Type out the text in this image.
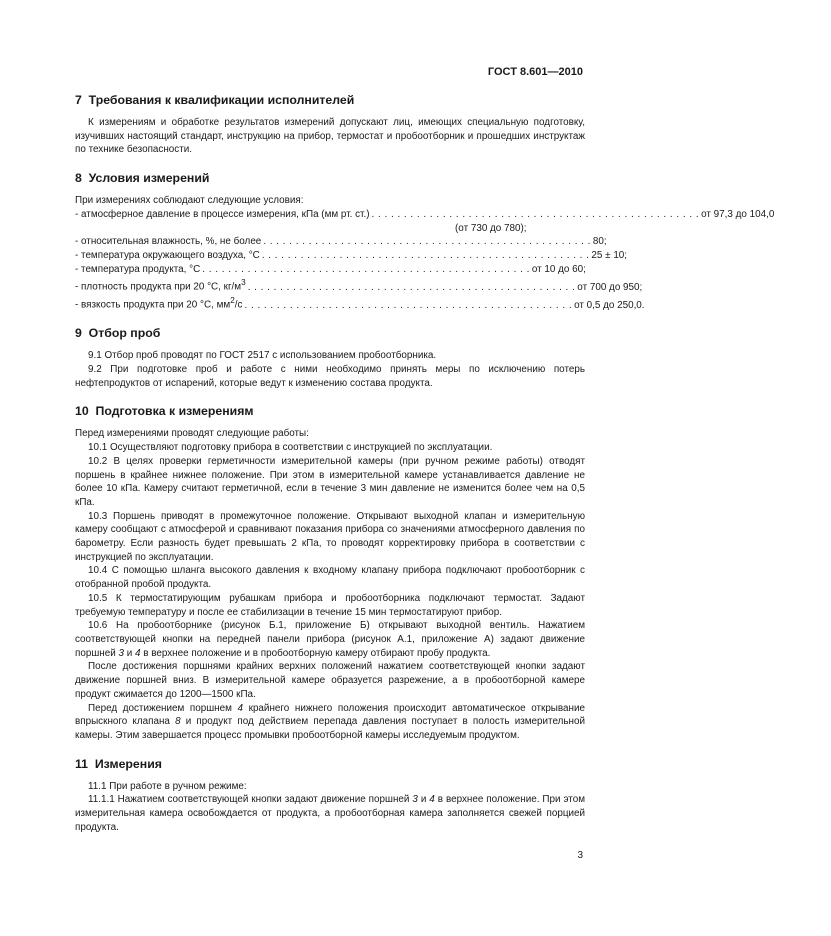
ГОСТ 8.601—2010
7  Требования к квалификации исполнителей

К измерениям и обработке результатов измерений допускают лиц, имеющих специальную подготовку, изучивших настоящий стандарт, инструкцию на прибор, термостат и пробоотборник и прошедших инструктаж по технике безопасности.

8  Условия измерений

При измерениях соблюдают следующие условия:

- атмосферное давление в процессе измерения, кПа (мм рт. ст.) . . . . . . . . . . . . . . . . . . . . . . . . . . . . . . . . . . . . . . . . . . . . . . . . . . . от 97,3 до 104,0
(от 730 до 780);
- относительная влажность, %, не более . . . . . . . . . . . . . . . . . . . . . . . . . . . . . . . . . . . . . . . . . . . . . . . . . . . 80;
- температура окружающего воздуха, °С . . . . . . . . . . . . . . . . . . . . . . . . . . . . . . . . . . . . . . . . . . . . . . . . . . . 25 ± 10;
- температура продукта, °С . . . . . . . . . . . . . . . . . . . . . . . . . . . . . . . . . . . . . . . . . . . . . . . . . . . от 10 до 60;
- плотность продукта при 20 °С, $кг/м^3$ . . . . . . . . . . . . . . . . . . . . . . . . . . . . . . . . . . . . . . . . . . . . . . . . . . . от 700 до 950;
- вязкость продукта при 20 °С, $мм^2/с$ . . . . . . . . . . . . . . . . . . . . . . . . . . . . . . . . . . . . . . . . . . . . . . . . . . . от 0,5 до 250,0.
9  Отбор проб

9.1 Отбор проб проводят по ГОСТ 2517 с использованием пробоотборника.

9.2 При подготовке проб и работе с ними необходимо принять меры по исключению потерь нефтепродуктов от испарений, которые ведут к изменению состава продукта.

10  Подготовка к измерениям

Перед измерениями проводят следующие работы:

10.1 Осуществляют подготовку прибора в соответствии с инструкцией по эксплуатации.

10.2 В целях проверки герметичности измерительной камеры (при ручном режиме работы) отводят поршень в крайнее нижнее положение. При этом в измерительной камере устанавливается давление не более 10 кПа. Камеру считают герметичной, если в течение 3 мин давление не изменится более чем на 0,5 кПа.

10.3 Поршень приводят в промежуточное положение. Открывают выходной клапан и измерительную камеру сообщают с атмосферой и сравнивают показания прибора со значениями атмосферного давления по барометру. Если разность будет превышать 2 кПа, то проводят корректировку прибора в соответствии с инструкцией по эксплуатации.

10.4 С помощью шланга высокого давления к входному клапану прибора подключают пробоотборник с отобранной пробой продукта.

10.5 К термостатирующим рубашкам прибора и пробоотборника подключают термостат. Задают требуемую температуру и после ее стабилизации в течение 15 мин термостатируют прибор.

10.6 На пробоотборнике (рисунок Б.1, приложение Б) открывают выходной вентиль. Нажатием соответствующей кнопки на передней панели прибора (рисунок А.1, приложение А) задают движение поршней 3 и 4 в верхнее положение и в пробоотборную камеру отбирают пробу продукта.

После достижения поршнями крайних верхних положений нажатием соответствующей кнопки задают движение поршней вниз. В измерительной камере образуется разрежение, а в пробоотборной камере продукт сжимается до 1200—1500 кПа.

Перед достижением поршнем 4 крайнего нижнего положения происходит автоматическое открывание впрыскного клапана 8 и продукт под действием перепада давления поступает в полость измерительной камеры. Этим завершается процесс промывки пробоотборной камеры исследуемым продуктом.

11  Измерения

11.1 При работе в ручном режиме:

11.1.1 Нажатием соответствующей кнопки задают движение поршней 3 и 4 в верхнее положение. При этом измерительная камера освобождается от продукта, а пробоотборная камера заполняется свежей порцией продукта.

3
